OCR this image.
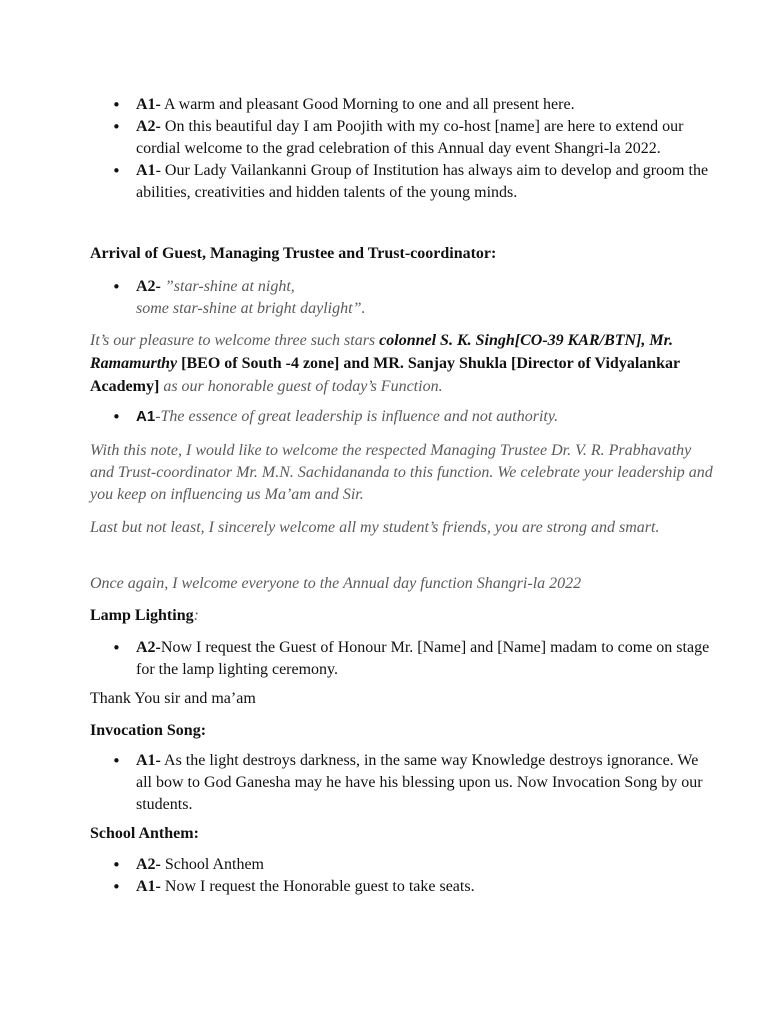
• A1- A warm and pleasant Good Morning to one and all present here.
• A2- On this beautiful day I am Poojith with my co-host [name] are here to extend our cordial welcome to the grad celebration of this Annual day event Shangri-la 2022.
• A1- Our Lady Vailankanni Group of Institution has always aim to develop and groom the abilities, creativities and hidden talents of the young minds.

Arrival of Guest, Managing Trustee and Trust-coordinator:

• A2- ”star-shine at night,
some star-shine at bright daylight”.

It’s our pleasure to welcome three such stars colonnel S. K. Singh[CO-39 KAR/BTN], Mr. Ramamurthy [BEO of South -4 zone] and MR. Sanjay Shukla [Director of Vidyalankar Academy] as our honorable guest of today’s Function.

• A1-The essence of great leadership is influence and not authority.

With this note, I would like to welcome the respected Managing Trustee Dr. V. R. Prabhavathy and Trust-coordinator Mr. M.N. Sachidananda to this function. We celebrate your leadership and you keep on influencing us Ma’am and Sir.

Last but not least, I sincerely welcome all my student’s friends, you are strong and smart.

Once again, I welcome everyone to the Annual day function Shangri-la 2022

Lamp Lighting:

• A2-Now I request the Guest of Honour Mr. [Name] and [Name] madam to come on stage for the lamp lighting ceremony.

Thank You sir and ma’am

Invocation Song:

• A1- As the light destroys darkness, in the same way Knowledge destroys ignorance. We all bow to God Ganesha may he have his blessing upon us. Now Invocation Song by our students.

School Anthem:

• A2- School Anthem
• A1- Now I request the Honorable guest to take seats.
